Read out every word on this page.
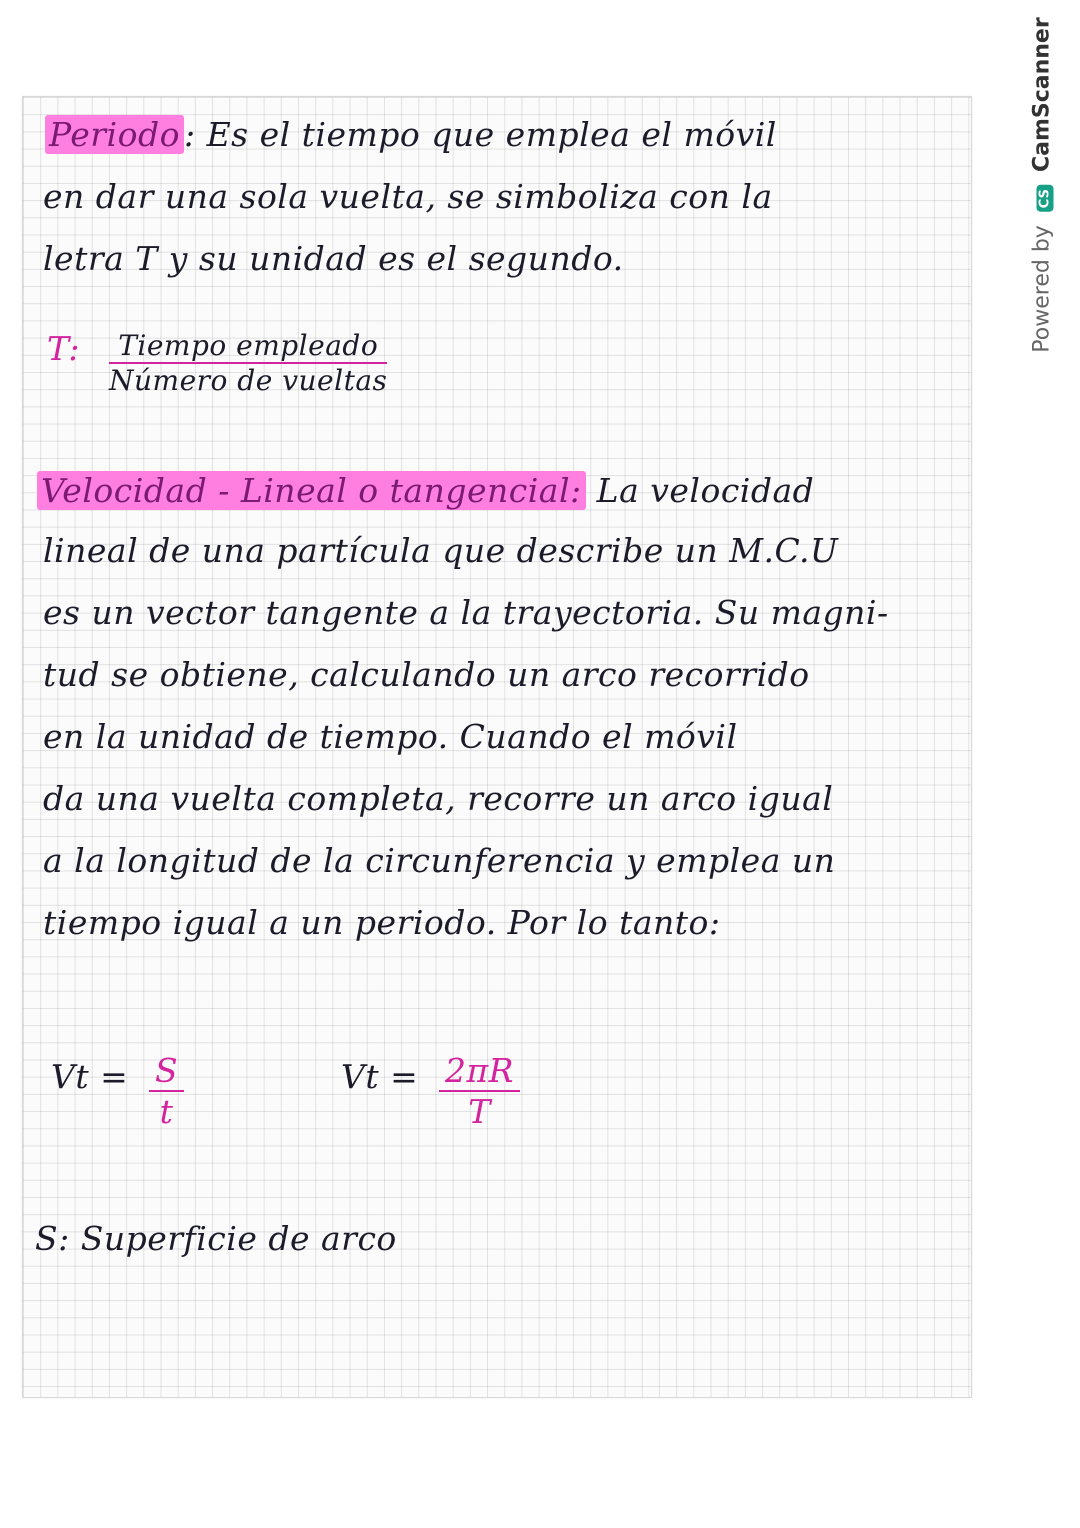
Periodo : Es el tiempo que emplea el móvil
en dar una sola vuelta, se simboliza con la
letra T y su unidad es el segundo.
T:	Tiempo empleado
Número de vueltas
Velocidad - Lineal o tangencial: La velocidad
lineal de una partícula que describe un M.C.U
es un vector tangente a la trayectoria. Su magni-
tud se obtiene, calculando un arco recorrido
en la unidad de tiempo. Cuando el móvil
da una vuelta completa, recorre un arco igual
a la longitud de la circunferencia y emplea un
tiempo igual a un periodo. Por lo tanto:
$Vt = \frac{S}{t}$	$Vt = \frac{2\pi R}{T}$
S: Superficie de arco
Powered by CS CamScanner
